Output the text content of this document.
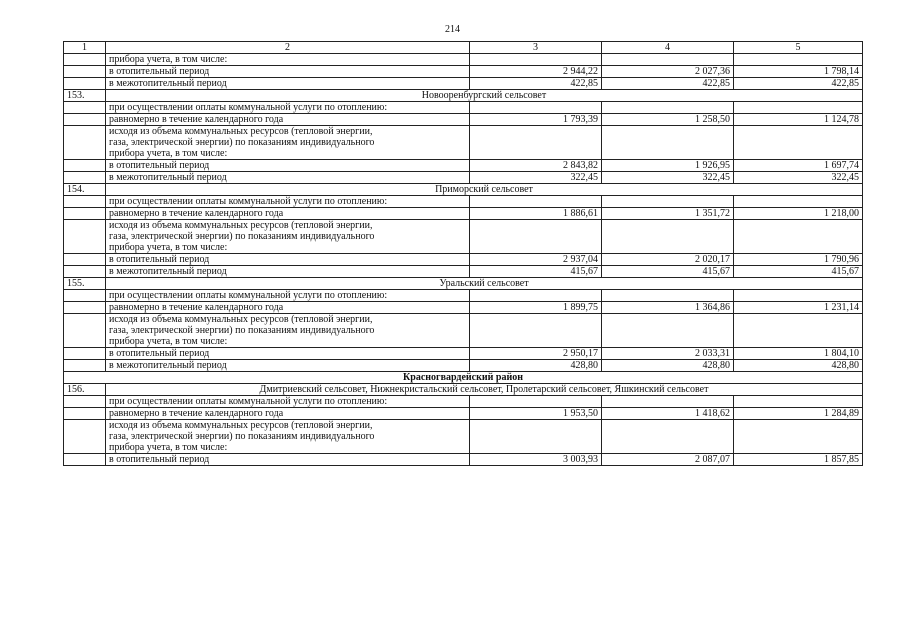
214
1	2	3	4	5
	прибора учета, в том числе:			
	в отопительный период	2 944,22	2 027,36	1 798,14
	в межотопительный период	422,85	422,85	422,85
153.	Новооренбургский сельсовет			
	при осуществлении оплаты коммунальной услуги по отоплению:			
	равномерно в течение календарного года	1 793,39	1 258,50	1 124,78

	исходя из объема коммунальных ресурсов (тепловой энергии,
газа, электрической энергии) по показаниям индивидуального
прибора учета, в том числе:			

	в отопительный период	2 843,82	1 926,95	1 697,74
	в межотопительный период	322,45	322,45	322,45
154.	Приморский сельсовет			
	при осуществлении оплаты коммунальной услуги по отоплению:			
	равномерно в течение календарного года	1 886,61	1 351,72	1 218,00

	исходя из объема коммунальных ресурсов (тепловой энергии,
газа, электрической энергии) по показаниям индивидуального
прибора учета, в том числе:			

	в отопительный период	2 937,04	2 020,17	1 790,96
	в межотопительный период	415,67	415,67	415,67
155.	Уральский сельсовет			
	при осуществлении оплаты коммунальной услуги по отоплению:			
	равномерно в течение календарного года	1 899,75	1 364,86	1 231,14

	исходя из объема коммунальных ресурсов (тепловой энергии,
газа, электрической энергии) по показаниям индивидуального
прибора учета, в том числе:			

	в отопительный период	2 950,17	2 033,31	1 804,10
	в межотопительный период	428,80	428,80	428,80
Красногвардейский район				
156.	Дмитриевский сельсовет, Нижнекристальский сельсовет, Пролетарский сельсовет, Яшкинский сельсовет			
	при осуществлении оплаты коммунальной услуги по отоплению:			
	равномерно в течение календарного года	1 953,50	1 418,62	1 284,89

	исходя из объема коммунальных ресурсов (тепловой энергии,
газа, электрической энергии) по показаниям индивидуального
прибора учета, в том числе:			

	в отопительный период	3 003,93	2 087,07	1 857,85
